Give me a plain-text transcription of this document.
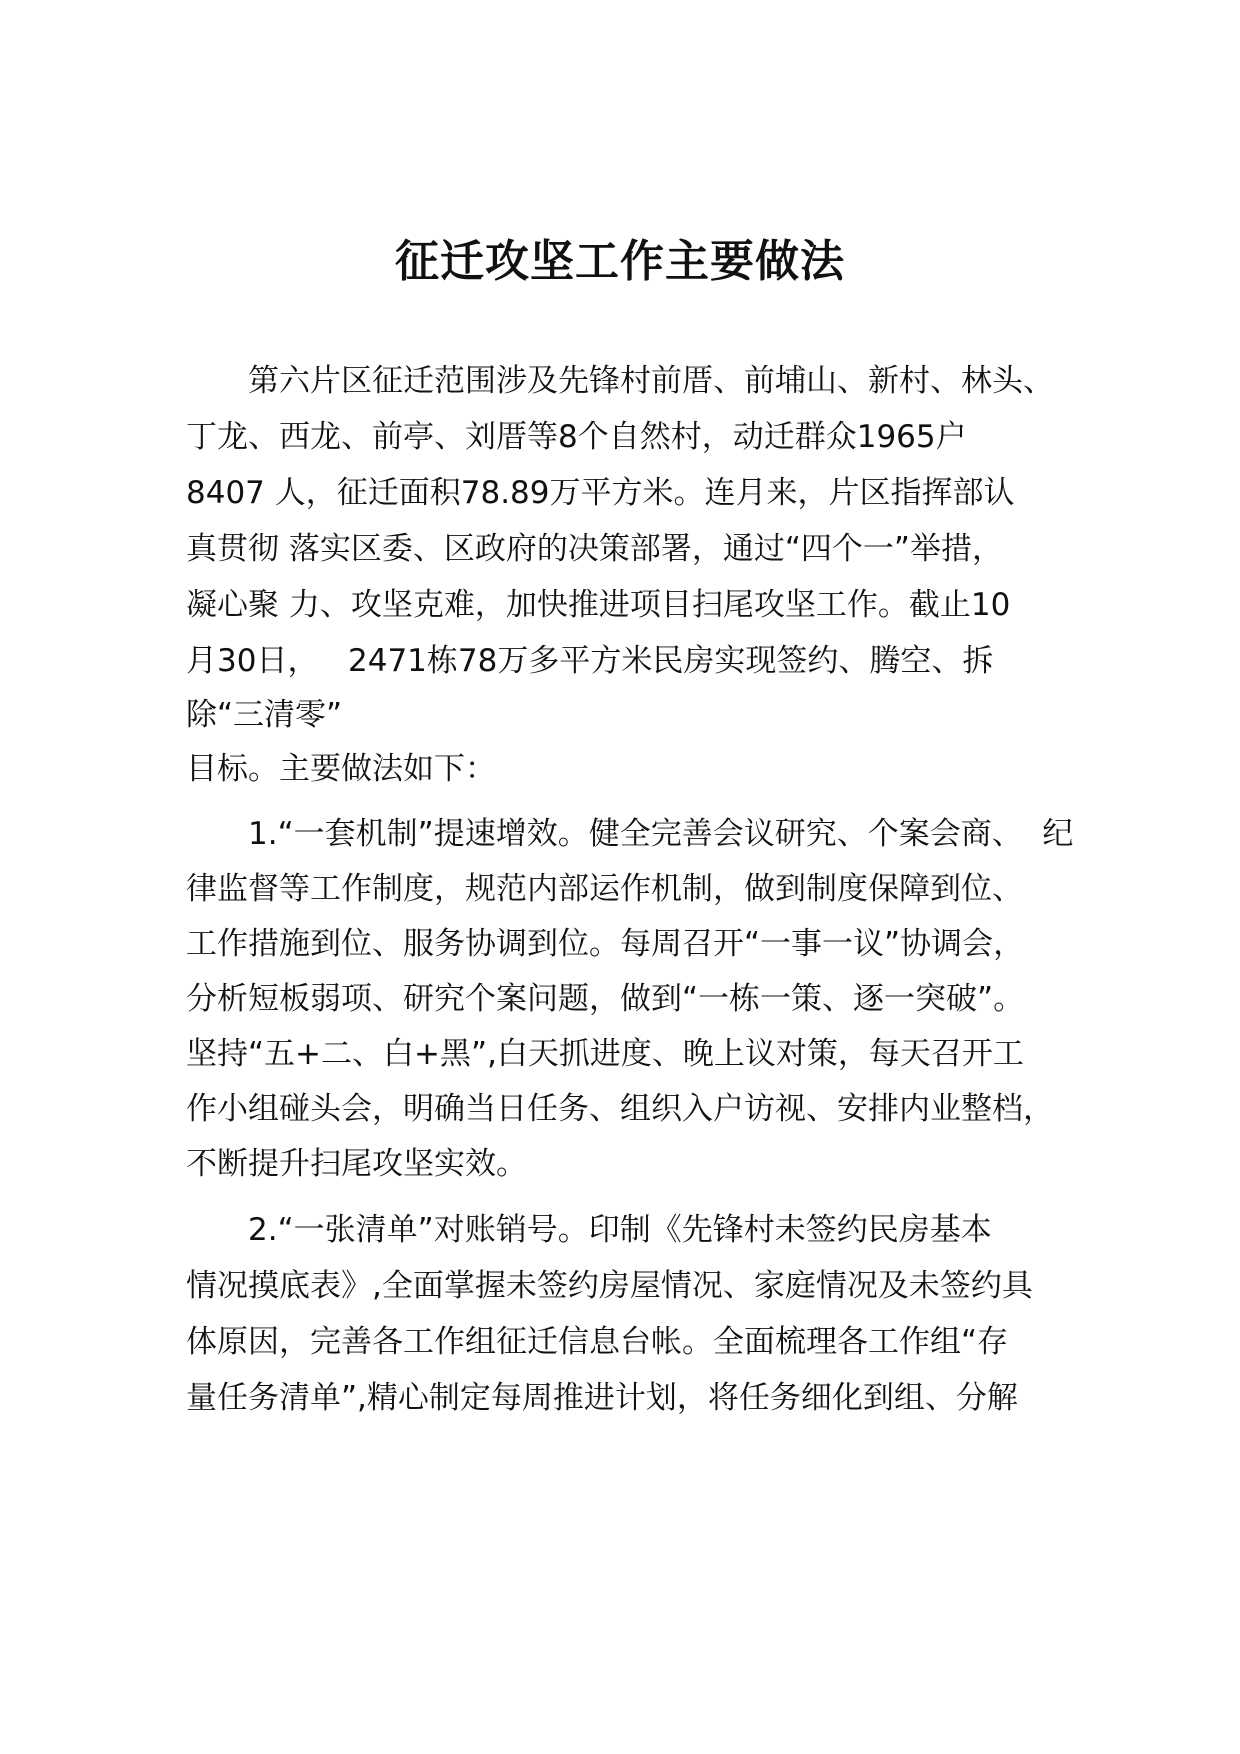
征迁攻坚工作主要做法

　　第六片区征迁范围涉及先锋村前厝、前埔山、新村、林头、

丁龙、西龙、前亭、刘厝等8个自然村，动迁群众1965户

8407 人，征迁面积78.89万平方米。连月来，片区指挥部认

真贯彻 落实区委、区政府的决策部署，通过“四个一”举措，

凝心聚 力、攻坚克难，加快推进项目扫尾攻坚工作。截止10

月30日，   2471栋78万多平方米民房实现签约、腾空、拆

除“三清零”

目标。主要做法如下：

　　1.“一套机制”提速增效。健全完善会议研究、个案会商、  纪

律监督等工作制度，规范内部运作机制，做到制度保障到位、

工作措施到位、服务协调到位。每周召开“一事一议”协调会，

分析短板弱项、研究个案问题，做到“一栋一策、逐一突破”。

坚持“五+二、白+黑”,白天抓进度、晚上议对策，每天召开工

作小组碰头会，明确当日任务、组织入户访视、安排内业整档，

不断提升扫尾攻坚实效。

　　2.“一张清单”对账销号。印制《先锋村未签约民房基本

情况摸底表》,全面掌握未签约房屋情况、家庭情况及未签约具

体原因，完善各工作组征迁信息台帐。全面梳理各工作组“存

量任务清单”,精心制定每周推进计划，将任务细化到组、分解
